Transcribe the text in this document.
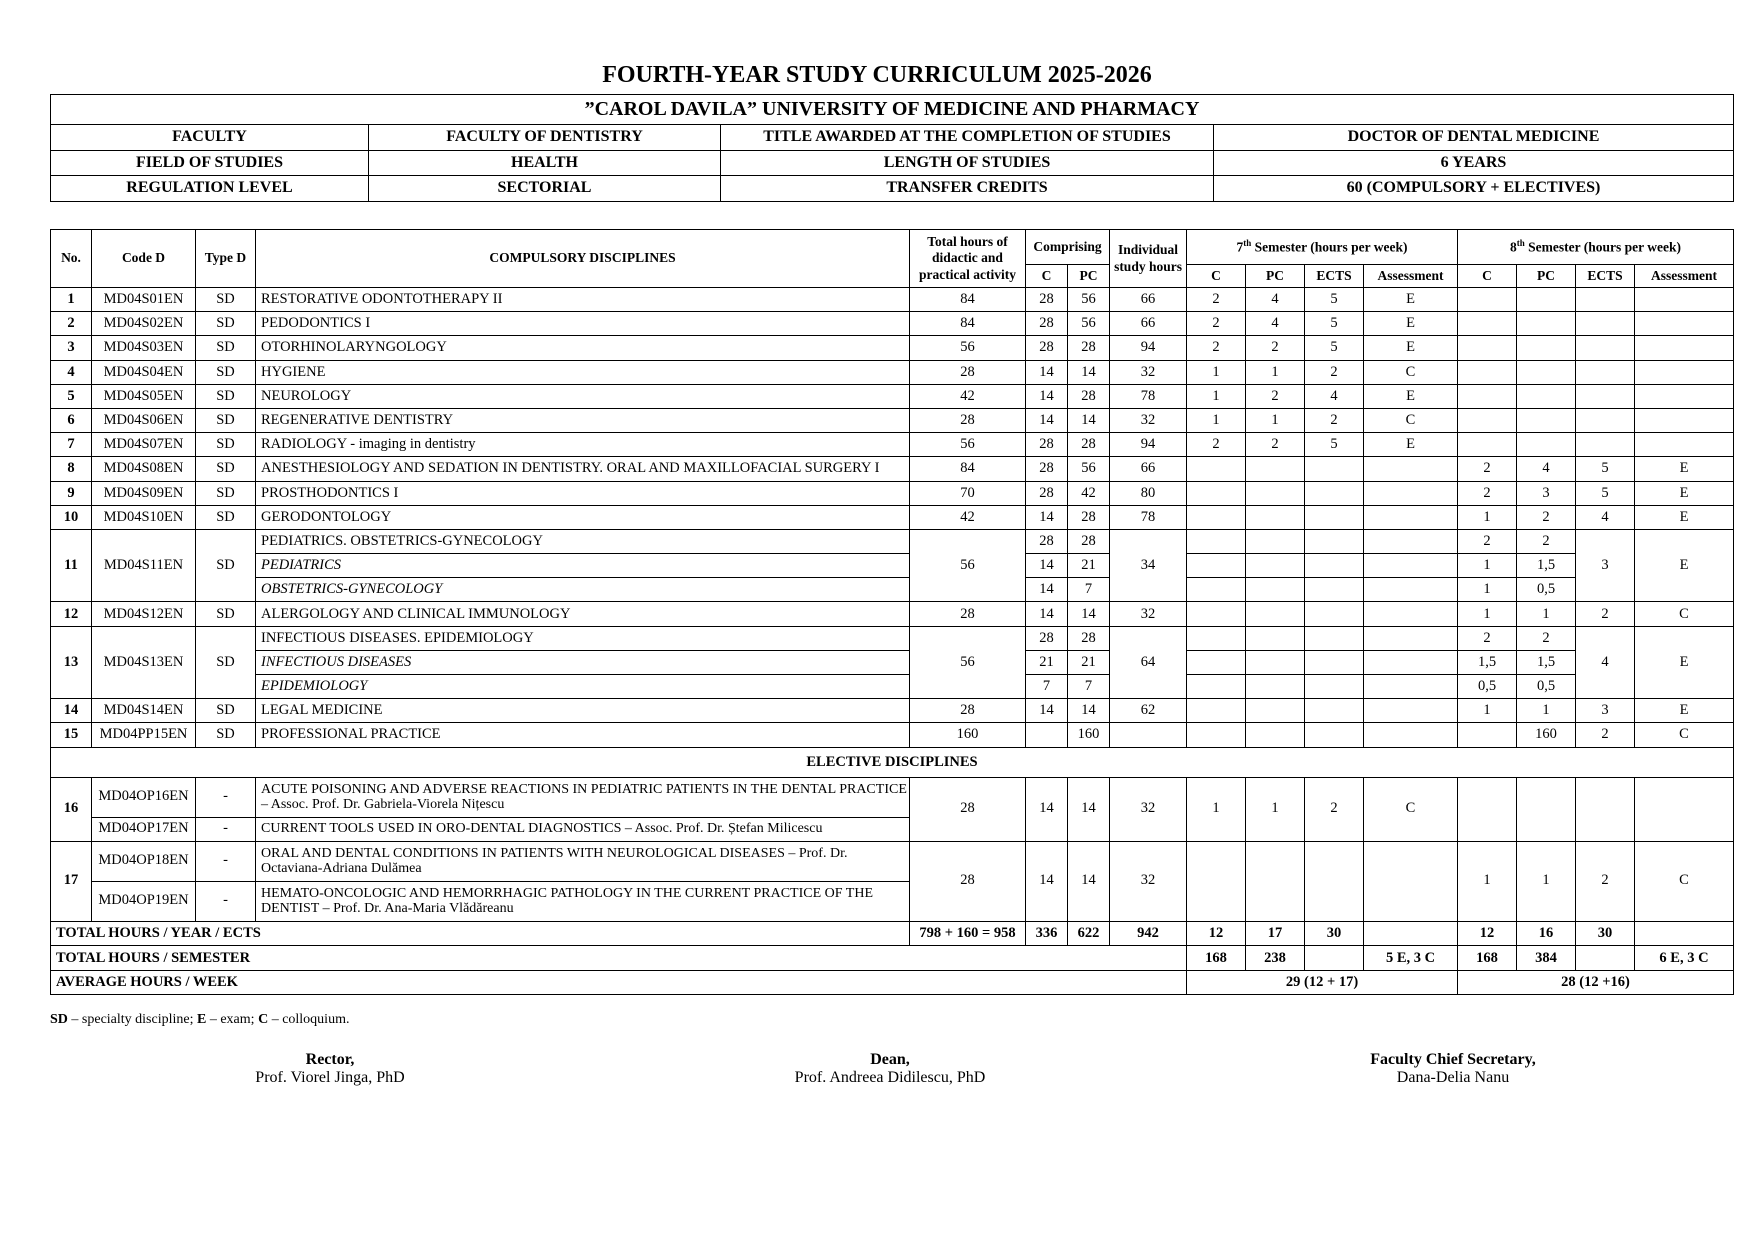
FOURTH-YEAR STUDY CURRICULUM 2025-2026
”CAROL DAVILA” UNIVERSITY OF MEDICINE AND PHARMACY			
FACULTY	FACULTY OF DENTISTRY	TITLE AWARDED AT THE COMPLETION OF STUDIES	DOCTOR OF DENTAL MEDICINE
FIELD OF STUDIES	HEALTH	LENGTH OF STUDIES	6 YEARS
REGULATION LEVEL	SECTORIAL	TRANSFER CREDITS	60 (COMPULSORY + ELECTIVES)
No.	Code D	Type D	COMPULSORY DISCIPLINES	Total hours of didactic and practical activity	Comprising		Individual study hours	7th Semester (hours per week)				8th Semester (hours per week)			
					C	PC		C	PC	ECTS	Assessment	C	PC	ECTS	Assessment
1	MD04S01EN	SD	RESTORATIVE ODONTOTHERAPY II	84	28	56	66	2	4	5	E				
2	MD04S02EN	SD	PEDODONTICS I	84	28	56	66	2	4	5	E				
3	MD04S03EN	SD	OTORHINOLARYNGOLOGY	56	28	28	94	2	2	5	E				
4	MD04S04EN	SD	HYGIENE	28	14	14	32	1	1	2	C				
5	MD04S05EN	SD	NEUROLOGY	42	14	28	78	1	2	4	E				
6	MD04S06EN	SD	REGENERATIVE DENTISTRY	28	14	14	32	1	1	2	C				
7	MD04S07EN	SD	RADIOLOGY - imaging in dentistry	56	28	28	94	2	2	5	E				
8	MD04S08EN	SD	ANESTHESIOLOGY AND SEDATION IN DENTISTRY. ORAL AND MAXILLOFACIAL SURGERY I	84	28	56	66					2	4	5	E
9	MD04S09EN	SD	PROSTHODONTICS I	70	28	42	80					2	3	5	E
10	MD04S10EN	SD	GERODONTOLOGY	42	14	28	78					1	2	4	E
11	MD04S11EN	SD	PEDIATRICS. OBSTETRICS-GYNECOLOGY	56	28	28	34					2	2	3	E
			PEDIATRICS		14	21						1	1,5		
			OBSTETRICS-GYNECOLOGY		14	7						1	0,5		
12	MD04S12EN	SD	ALERGOLOGY AND CLINICAL IMMUNOLOGY	28	14	14	32					1	1	2	C
13	MD04S13EN	SD	INFECTIOUS DISEASES. EPIDEMIOLOGY	56	28	28	64					2	2	4	E
			INFECTIOUS DISEASES		21	21						1,5	1,5		
			EPIDEMIOLOGY		7	7						0,5	0,5		
14	MD04S14EN	SD	LEGAL MEDICINE	28	14	14	62					1	1	3	E
15	MD04PP15EN	SD	PROFESSIONAL PRACTICE	160		160							160	2	C
ELECTIVE DISCIPLINES															
16	MD04OP16EN	-	ACUTE POISONING AND ADVERSE REACTIONS IN PEDIATRIC PATIENTS IN THE DENTAL PRACTICE – Assoc. Prof. Dr. Gabriela-Viorela Nițescu	28	14	14	32	1	1	2	C				
	MD04OP17EN	-	CURRENT TOOLS USED IN ORO-DENTAL DIAGNOSTICS – Assoc. Prof. Dr. Ștefan Milicescu												
17	MD04OP18EN	-	ORAL AND DENTAL CONDITIONS IN PATIENTS WITH NEUROLOGICAL DISEASES – Prof. Dr. Octaviana-Adriana Dulămea	28	14	14	32					1	1	2	C
	MD04OP19EN	-	HEMATO-ONCOLOGIC AND HEMORRHAGIC PATHOLOGY IN THE CURRENT PRACTICE OF THE DENTIST – Prof. Dr. Ana-Maria Vlădăreanu												
TOTAL HOURS / YEAR / ECTS				798 + 160 = 958	336	622	942	12	17	30		12	16	30	
TOTAL HOURS / SEMESTER								168	238		5 E, 3 C	168	384		6 E, 3 C
AVERAGE HOURS / WEEK								29 (12 + 17)				28 (12 +16)			
SD – specialty discipline; E – exam; C – colloquium.
Rector,
Prof. Viorel Jinga, PhD
Dean,
Prof. Andreea Didilescu, PhD
Faculty Chief Secretary,
Dana-Delia Nanu
